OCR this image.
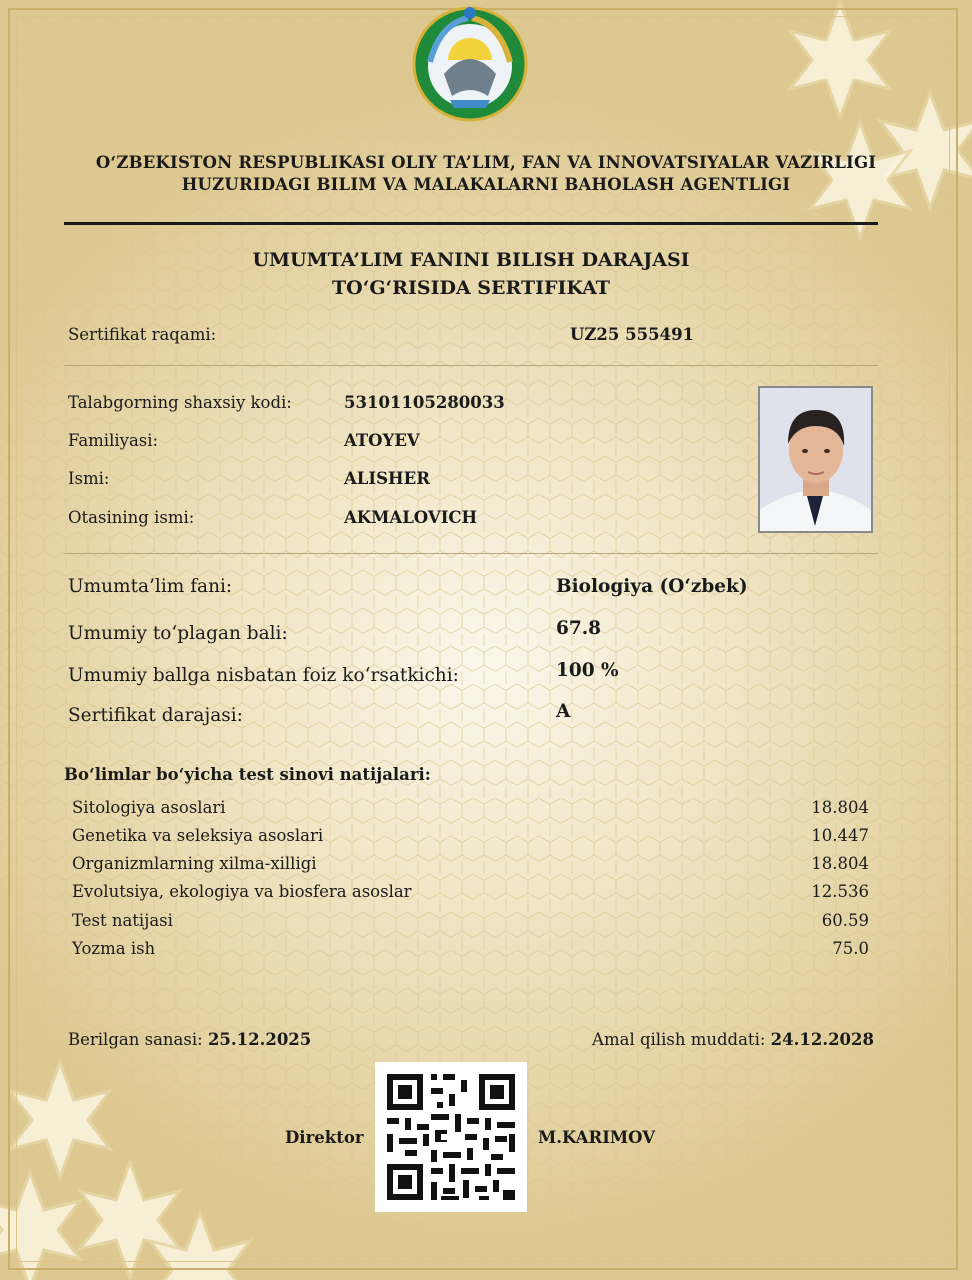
O‘ZBEKISTON RESPUBLIKASI OLIY TA’LIM, FAN VA INNOVATSIYALAR VAZIRLIGI
HUZURIDAGI BILIM VA MALAKALARNI BAHOLASH AGENTLIGI
UMUMTA’LIM FANINI BILISH DARAJASI
TO‘G‘RISIDA SERTIFIKAT
Sertifikat raqami:	UZ25 555491
Talabgorning shaxsiy kodi:	53101105280033
Familiyasi:	ATOYEV
Ismi:	ALISHER
Otasining ismi:	AKMALOVICH
Umumta’lim fani:	Biologiya (O‘zbek)
Umumiy to‘plagan bali:	67.8
Umumiy ballga nisbatan foiz ko‘rsatkichi:	100 %
Sertifikat darajasi:	A
Bo‘limlar bo‘yicha test sinovi natijalari:
Sitologiya asoslari	18.804
Genetika va seleksiya asoslari	10.447
Organizmlarning xilma-xilligi	18.804
Evolutsiya, ekologiya va biosfera asoslar	12.536
Test natijasi	60.59
Yozma ish	75.0
Berilgan sanasi: 25.12.2025	Amal qilish muddati: 24.12.2028
Direktor	M.KARIMOV
